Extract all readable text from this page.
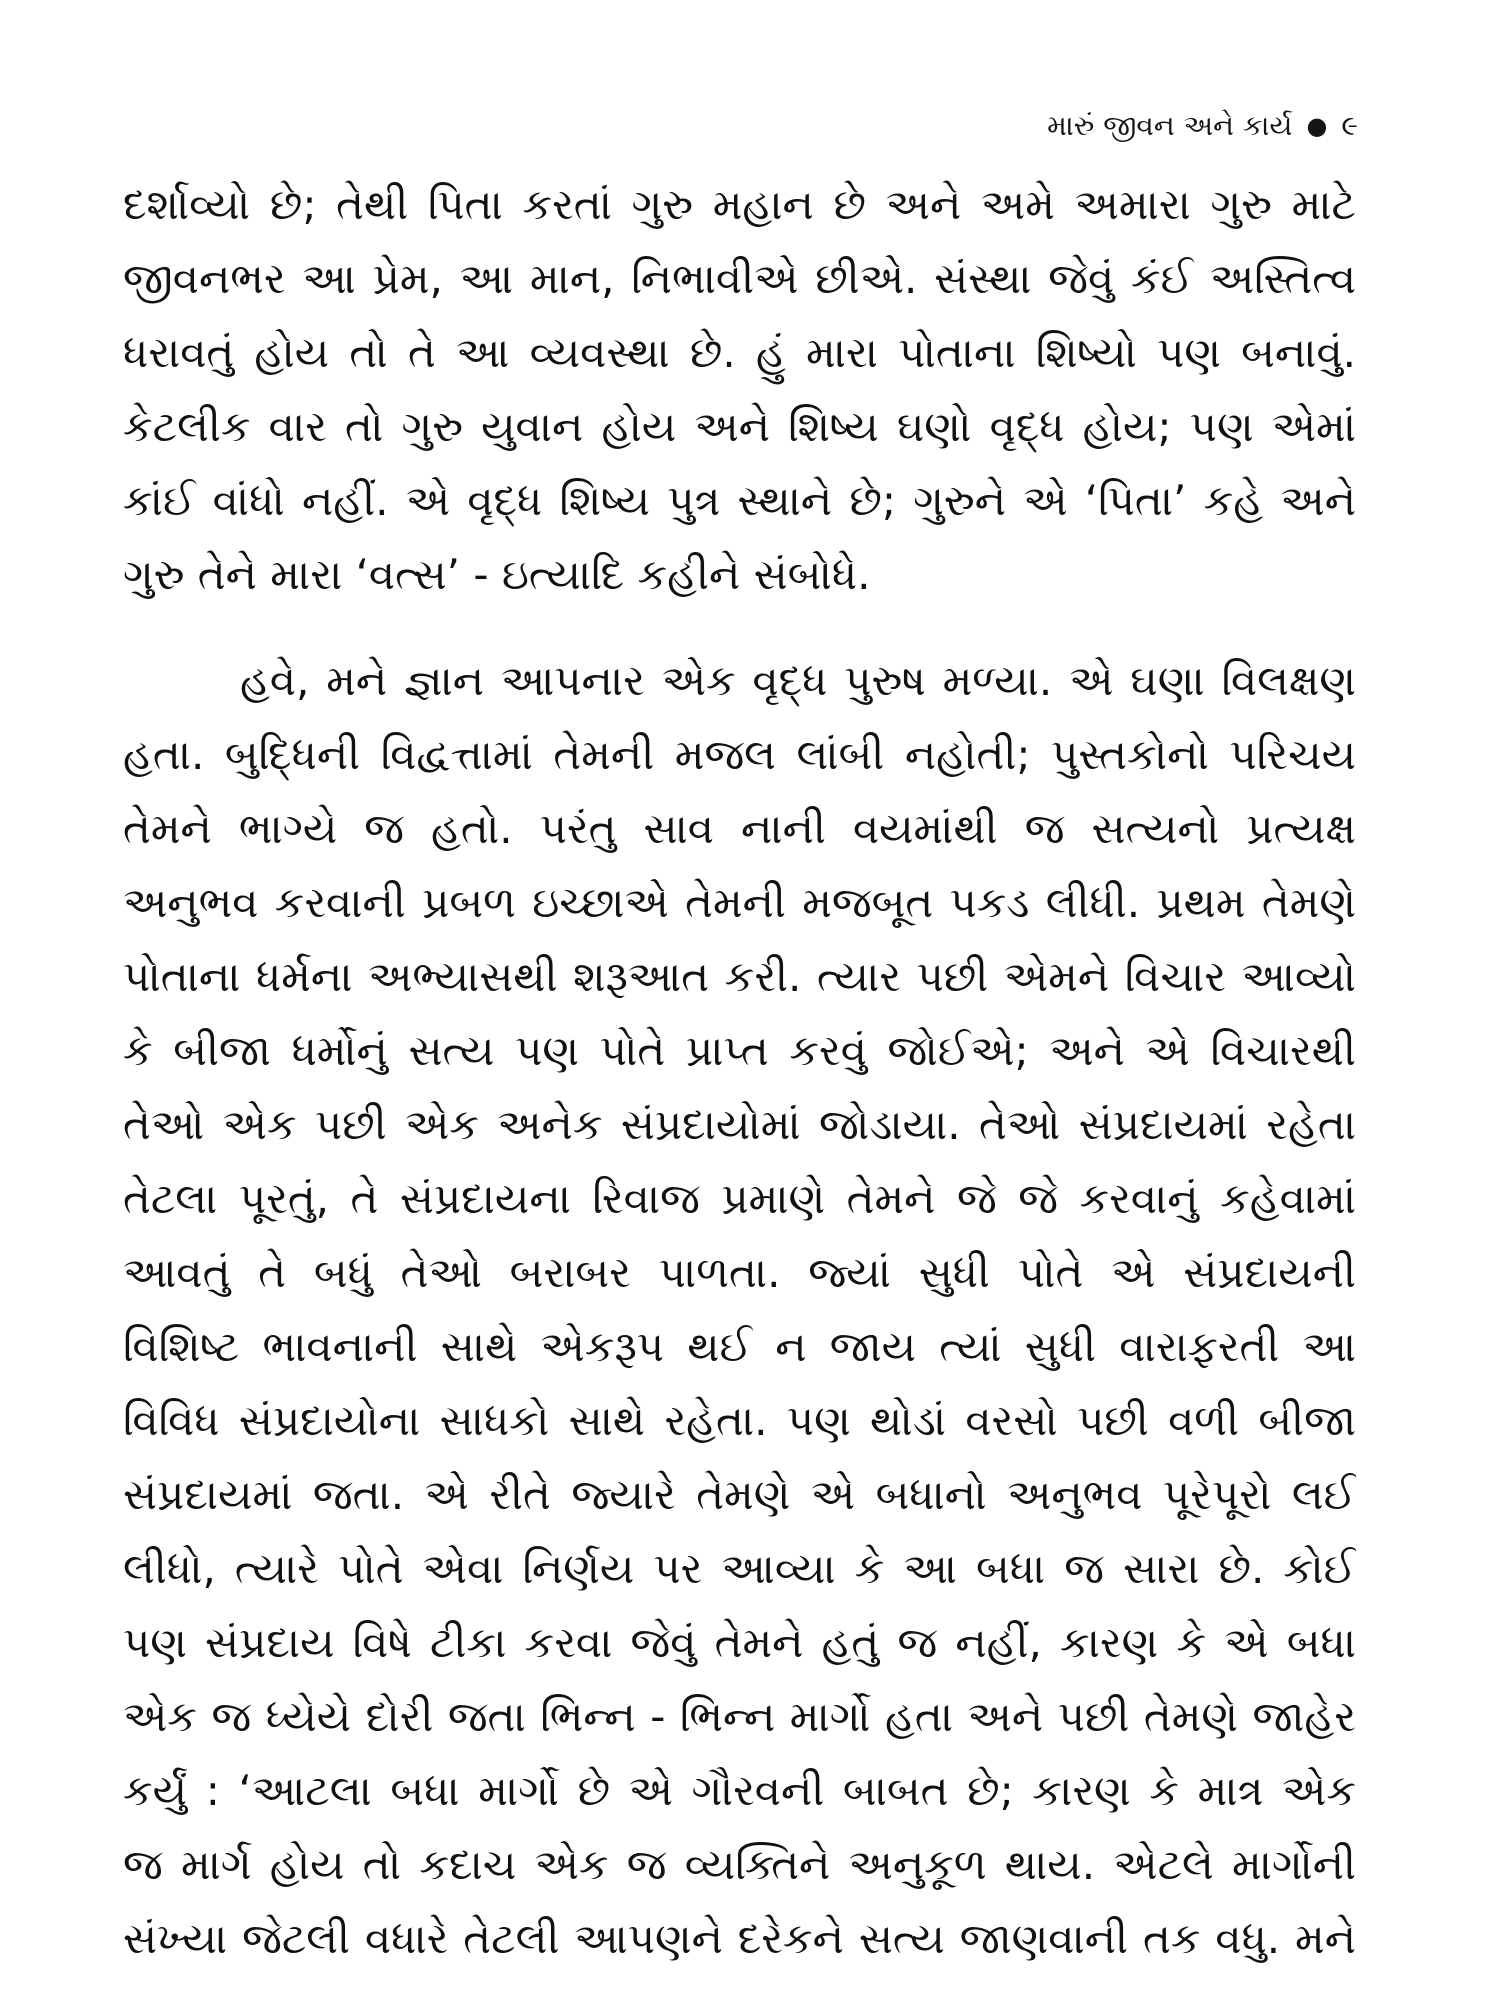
મારું જીવન અને કાર્ય ● ૯
દર્શાવ્યો છે; તેથી પિતા કરતાં ગુરુ મહાન છે અને અમે અમારા ગુરુ માટે
જીવનભર આ પ્રેમ, આ માન, નિભાવીએ છીએ. સંસ્થા જેવું કંઈ અસ્તિત્વ
ધરાવતું હોય તો તે આ વ્યવસ્થા છે. હું મારા પોતાના શિષ્યો પણ બનાવું.
કેટલીક વાર તો ગુરુ યુવાન હોય અને શિષ્ય ઘણો વૃદ્ધ હોય; પણ એમાં
કાંઈ વાંધો નહીં. એ વૃદ્ધ શિષ્ય પુત્ર સ્થાને છે; ગુરુને એ ‘પિતા’ કહે અને
ગુરુ તેને મારા ‘વત્સ’ - ઇત્યાદિ કહીને સંબોધે.
હવે, મને જ્ઞાન આપનાર એક વૃદ્ધ પુરુષ મળ્યા. એ ઘણા વિલક્ષણ
હતા. બુદ્ધિની વિદ્વત્તામાં તેમની મજલ લાંબી નહોતી; પુસ્તકોનો પરિચય
તેમને ભાગ્યે જ હતો. પરંતુ સાવ નાની વયમાંથી જ સત્યનો પ્રત્યક્ષ
અનુભવ કરવાની પ્રબળ ઇચ્છાએ તેમની મજબૂત પકડ લીધી. પ્રથમ તેમણે
પોતાના ધર્મના અભ્યાસથી શરૂઆત કરી. ત્યાર પછી એમને વિચાર આવ્યો
કે બીજા ધર્મોનું સત્ય પણ પોતે પ્રાપ્ત કરવું જોઈએ; અને એ વિચારથી
તેઓ એક પછી એક અનેક સંપ્રદાયોમાં જોડાયા. તેઓ સંપ્રદાયમાં રહેતા
તેટલા પૂરતું, તે સંપ્રદાયના રિવાજ પ્રમાણે તેમને જે જે કરવાનું કહેવામાં
આવતું તે બધું તેઓ બરાબર પાળતા. જ્યાં સુધી પોતે એ સંપ્રદાયની
વિશિષ્ટ ભાવનાની સાથે એકરૂપ થઈ ન જાય ત્યાં સુધી વારાફરતી આ
વિવિધ સંપ્રદાયોના સાધકો સાથે રહેતા. પણ થોડાં વરસો પછી વળી બીજા
સંપ્રદાયમાં જતા. એ રીતે જ્યારે તેમણે એ બધાનો અનુભવ પૂરેપૂરો લઈ
લીધો, ત્યારે પોતે એવા નિર્ણય પર આવ્યા કે આ બધા જ સારા છે. કોઈ
પણ સંપ્રદાય વિષે ટીકા કરવા જેવું તેમને હતું જ નહીં, કારણ કે એ બધા
એક જ ધ્યેયે દોરી જતા ભિન્ન - ભિન્ન માર્ગો હતા અને પછી તેમણે જાહેર
કર્યું : ‘આટલા બધા માર્ગો છે એ ગૌરવની બાબત છે; કારણ કે માત્ર એક
જ માર્ગ હોય તો કદાચ એક જ વ્યક્તિને અનુકૂળ થાય. એટલે માર્ગોની
સંખ્યા જેટલી વધારે તેટલી આપણને દરેકને સત્ય જાણવાની તક વધુ. મને
